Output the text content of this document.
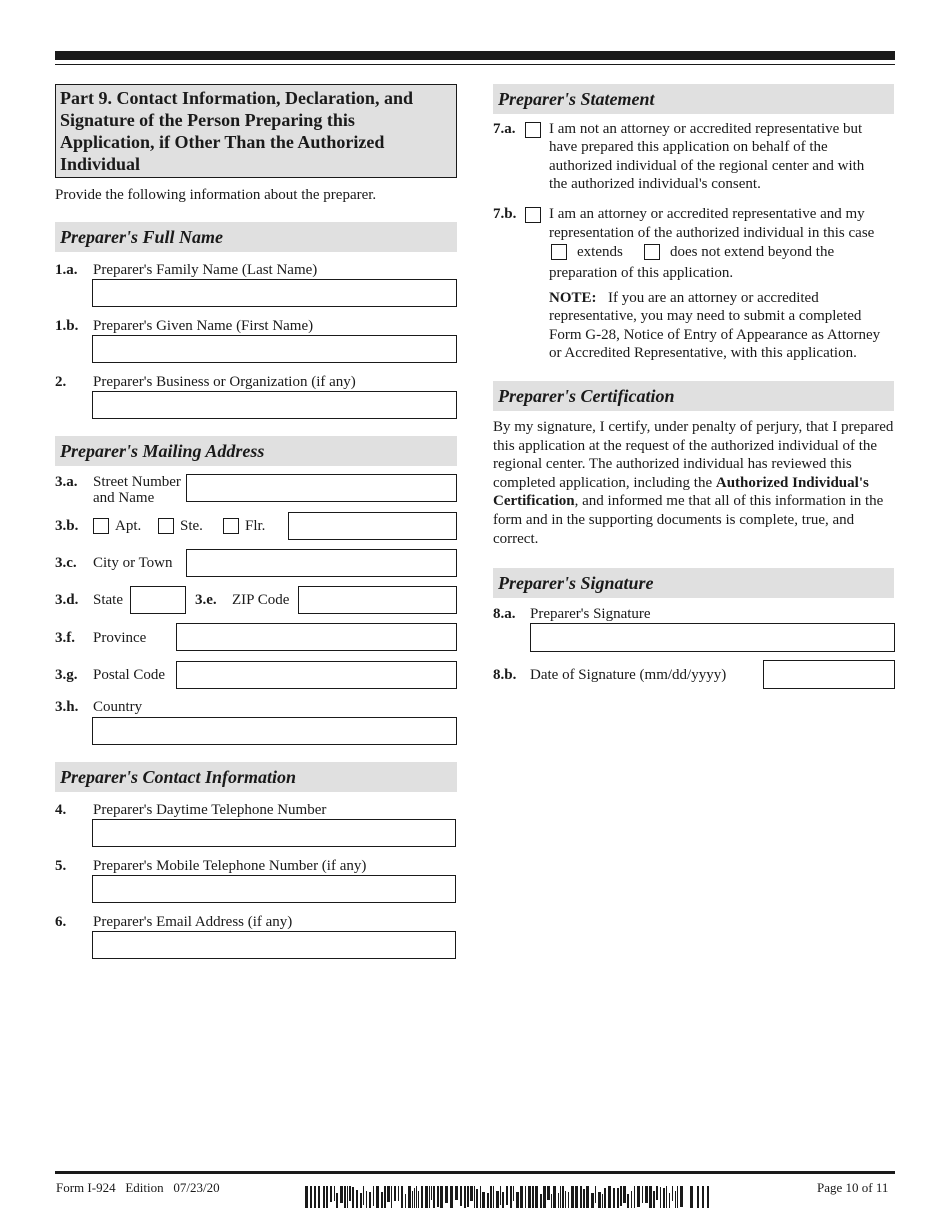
Part 9. Contact Information, Declaration, and Signature of the Person Preparing this Application, if Other Than the Authorized Individual
Provide the following information about the preparer.
Preparer's Full Name
1.a. Preparer's Family Name (Last Name)
1.b. Preparer's Given Name (First Name)
2. Preparer's Business or Organization (if any)
Preparer's Mailing Address
3.a. Street Number
and Name
3.b. Apt.	Ste.	Flr.
3.c. City or Town
3.d. State	3.e. ZIP Code
3.f. Province
3.g. Postal Code
3.h. Country
Preparer's Contact Information
4. Preparer's Daytime Telephone Number
5. Preparer's Mobile Telephone Number (if any)
6. Preparer's Email Address (if any)
Preparer's Statement
7.a. I am not an attorney or accredited representative but
have prepared this application on behalf of the
authorized individual of the regional center and with
the authorized individual's consent.
7.b. I am an attorney or accredited representative and my
representation of the authorized individual in this case
extends	does not extend beyond the
preparation of this application.
NOTE: If you are an attorney or accredited
representative, you may need to submit a completed
Form G-28, Notice of Entry of Appearance as Attorney
or Accredited Representative, with this application.
Preparer's Certification
By my signature, I certify, under penalty of perjury, that I prepared this application at the request of the authorized individual of the regional center. The authorized individual has reviewed this completed application, including the Authorized Individual's Certification, and informed me that all of this information in the form and in the supporting documents is complete, true, and correct.
Preparer's Signature
8.a. Preparer's Signature
8.b. Date of Signature (mm/dd/yyyy)
Form I-924   Edition   07/23/20	Page 10 of 11
